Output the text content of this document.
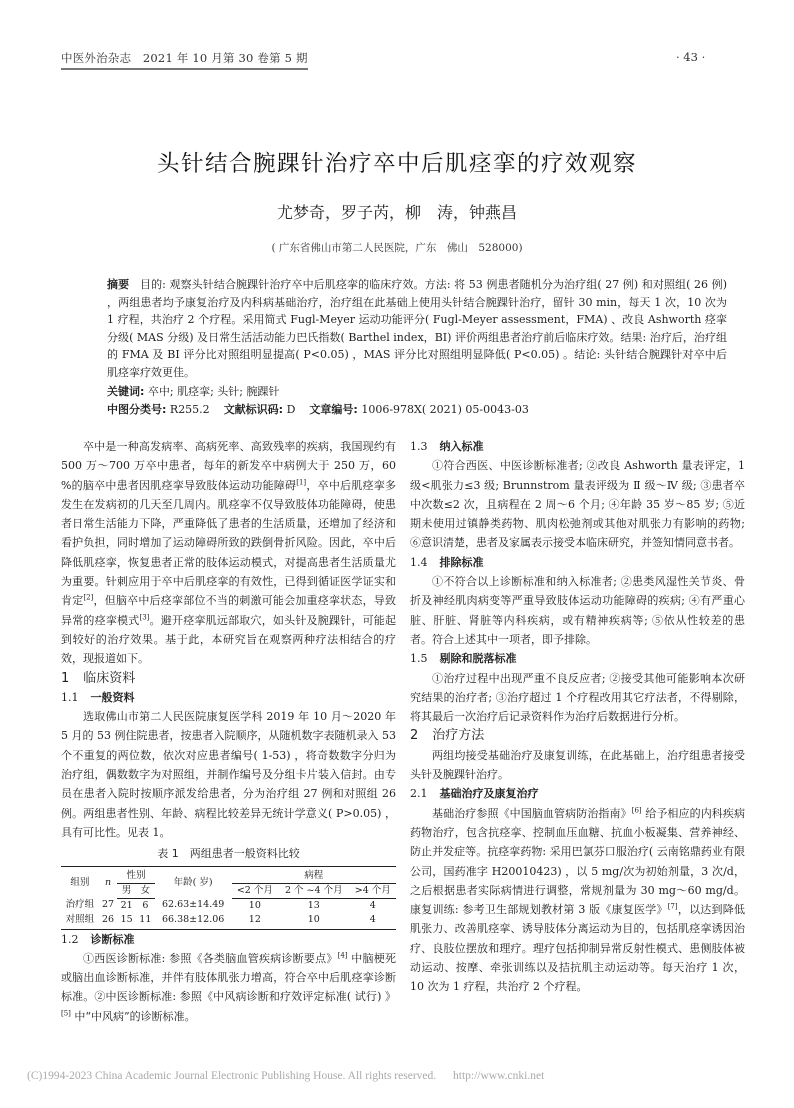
中医外治杂志　2021 年 10 月第 30 卷第 5 期	· 43 ·
头针结合腕踝针治疗卒中后肌痉挛的疗效观察
尤梦奇，罗子芮，柳　涛，钟燕昌
( 广东省佛山市第二人民医院，广东　佛山　528000)
摘要 目的: 观察头针结合腕踝针治疗卒中后肌痉挛的临床疗效。方法: 将 53 例患者随机分为治疗组( 27 例) 和对照组( 26 例) ，两组患者均予康复治疗及内科病基础治疗，治疗组在此基础上使用头针结合腕踝针治疗，留针 30 min，每天 1 次，10 次为 1 疗程，共治疗 2 个疗程。采用简式 Fugl-Meyer 运动功能评分( Fugl-Meyer assessment，FMA) 、改良 Ashworth 痉挛分级( MAS 分级) 及日常生活活动能力巴氏指数( Barthel index，BI) 评价两组患者治疗前后临床疗效。结果: 治疗后，治疗组的 FMA 及 BI 评分比对照组明显提高( P<0.05) ，MAS 评分比对照组明显降低( P<0.05) 。结论: 头针结合腕踝针对卒中后肌痉挛疗效更佳。
关键词: 卒中; 肌痉挛; 头针; 腕踝针
中图分类号: R255.2 文献标识码: D 文章编号: 1006-978X( 2021) 05-0043-03

卒中是一种高发病率、高病死率、高致残率的疾病，我国现约有 500 万～700 万卒中患者，每年的新发卒中病例大于 250 万，60 %的脑卒中患者因肌痉挛导致肢体运动功能障碍[1]，卒中后肌痉挛多发生在发病初的几天至几周内。肌痉挛不仅导致肢体功能障碍，使患者日常生活能力下降，严重降低了患者的生活质量，还增加了经济和看护负担，同时增加了运动障碍所致的跌倒骨折风险。因此，卒中后降低肌痉挛，恢复患者正常的肢体运动模式，对提高患者生活质量尤为重要。针刺应用于卒中后肌痉挛的有效性，已得到循证医学证实和肯定[2]，但脑卒中后痉挛部位不当的刺激可能会加重痉挛状态，导致异常的痉挛模式[3]。避开痉挛肌远部取穴，如头针及腕踝针，可能起到较好的治疗效果。基于此，本研究旨在观察两种疗法相结合的疗效，现报道如下。

1 临床资料
1.1 一般资料

选取佛山市第二人民医院康复医学科 2019 年 10 月～2020 年 5 月的 53 例住院患者，按患者入院顺序，从随机数字表随机录入 53 个不重复的两位数，依次对应患者编号( 1-53) ，将奇数数字分归为治疗组，偶数数字为对照组，并制作编号及分组卡片装入信封。由专员在患者入院时按顺序派发给患者，分为治疗组 27 例和对照组 26 例。两组患者性别、年龄、病程比较差异无统计学意义( P>0.05) ，具有可比性。见表 1。

表 1　两组患者一般资料比较
组别	n	性别		年龄( 岁)	病程		
		男	女		<2 个月	2 个 ~4 个月	>4 个月
治疗组	27	21	6	62.63±14.49	10	13	4
对照组	26	15	11	66.38±12.06	12	10	4
1.2 诊断标准

①西医诊断标准: 参照《各类脑血管疾病诊断要点》[4] 中脑梗死或脑出血诊断标准，并伴有肢体肌张力增高，符合卒中后肌痉挛诊断标准。②中医诊断标准: 参照《中风病诊断和疗效评定标准( 试行) 》[5] 中“中风病”的诊断标准。

1.3 纳入标准

①符合西医、中医诊断标准者; ②改良 Ashworth 量表评定，1 级<肌张力≤3 级; Brunnstrom 量表评级为 Ⅱ 级～Ⅳ 级; ③患者卒中次数≤2 次，且病程在 2 周～6 个月; ④年龄 35 岁～85 岁; ⑤近期未使用过镇静类药物、肌肉松弛剂或其他对肌张力有影响的药物; ⑥意识清楚，患者及家属表示接受本临床研究，并签知情同意书者。

1.4 排除标准

①不符合以上诊断标准和纳入标准者; ②患类风湿性关节炎、骨折及神经肌肉病变等严重导致肢体运动功能障碍的疾病; ④有严重心脏、肝脏、肾脏等内科疾病，或有精神疾病等; ⑤依从性较差的患者。符合上述其中一项者，即予排除。

1.5 剔除和脱落标准

①治疗过程中出现严重不良反应者; ②接受其他可能影响本次研究结果的治疗者; ③治疗超过 1 个疗程改用其它疗法者，不得剔除，将其最后一次治疗后记录资料作为治疗后数据进行分析。

2 治疗方法

两组均接受基础治疗及康复训练，在此基础上，治疗组患者接受头针及腕踝针治疗。

2.1 基础治疗及康复治疗

基础治疗参照《中国脑血管病防治指南》[6] 给予相应的内科疾病药物治疗，包含抗痉挛、控制血压血糖、抗血小板凝集、营养神经、防止并发症等。抗痉挛药物: 采用巴氯芬口服治疗( 云南铭鼎药业有限公司，国药准字 H20010423) ，以 5 mg/次为初始剂量，3 次/d，之后根据患者实际病情进行调整，常规剂量为 30 mg～60 mg/d。康复训练: 参考卫生部规划教材第 3 版《康复医学》[7]，以达到降低肌张力、改善肌痉挛、诱导肢体分离运动为目的，包括肌痉挛诱因治疗、良肢位摆放和理疗。理疗包括抑制异常反射性模式、患侧肢体被动运动、按摩、牵张训练以及拮抗肌主动运动等。每天治疗 1 次，10 次为 1 疗程，共治疗 2 个疗程。

(C)1994-2023 China Academic Journal Electronic Publishing House. All rights reserved. http://www.cnki.net
